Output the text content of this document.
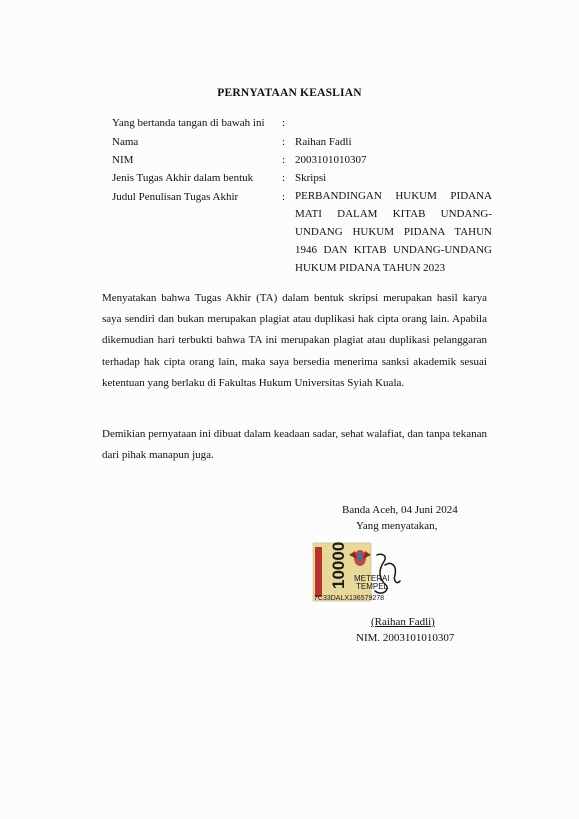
PERNYATAAN KEASLIAN
Yang bertanda tangan di bawah ini :
Nama	: Raihan Fadli
NIM	: 2003101010307
Jenis Tugas Akhir dalam bentuk	: Skripsi
Judul Penulisan Tugas Akhir	: PERBANDINGAN HUKUM PIDANA MATI DALAM KITAB UNDANG-UNDANG HUKUM PIDANA TAHUN 1946 DAN KITAB UNDANG-UNDANG HUKUM PIDANA TAHUN 2023
Menyatakan bahwa Tugas Akhir (TA) dalam bentuk skripsi merupakan hasil karya saya sendiri dan bukan merupakan plagiat atau duplikasi hak cipta orang lain. Apabila dikemudian hari terbukti bahwa TA ini merupakan plagiat atau duplikasi pelanggaran terhadap hak cipta orang lain, maka saya bersedia menerima sanksi akademik sesuai ketentuan yang berlaku di Fakultas Hukum Universitas Syiah Kuala.
Demikian pernyataan ini dibuat dalam keadaan sadar, sehat walafiat, dan tanpa tekanan dari pihak manapun juga.
Banda Aceh, 04 Juni 2024
Yang menyatakan,
10000 METERAI
TEMPEL
7C33DALX136579278
(Raihan Fadli)
NIM. 2003101010307
